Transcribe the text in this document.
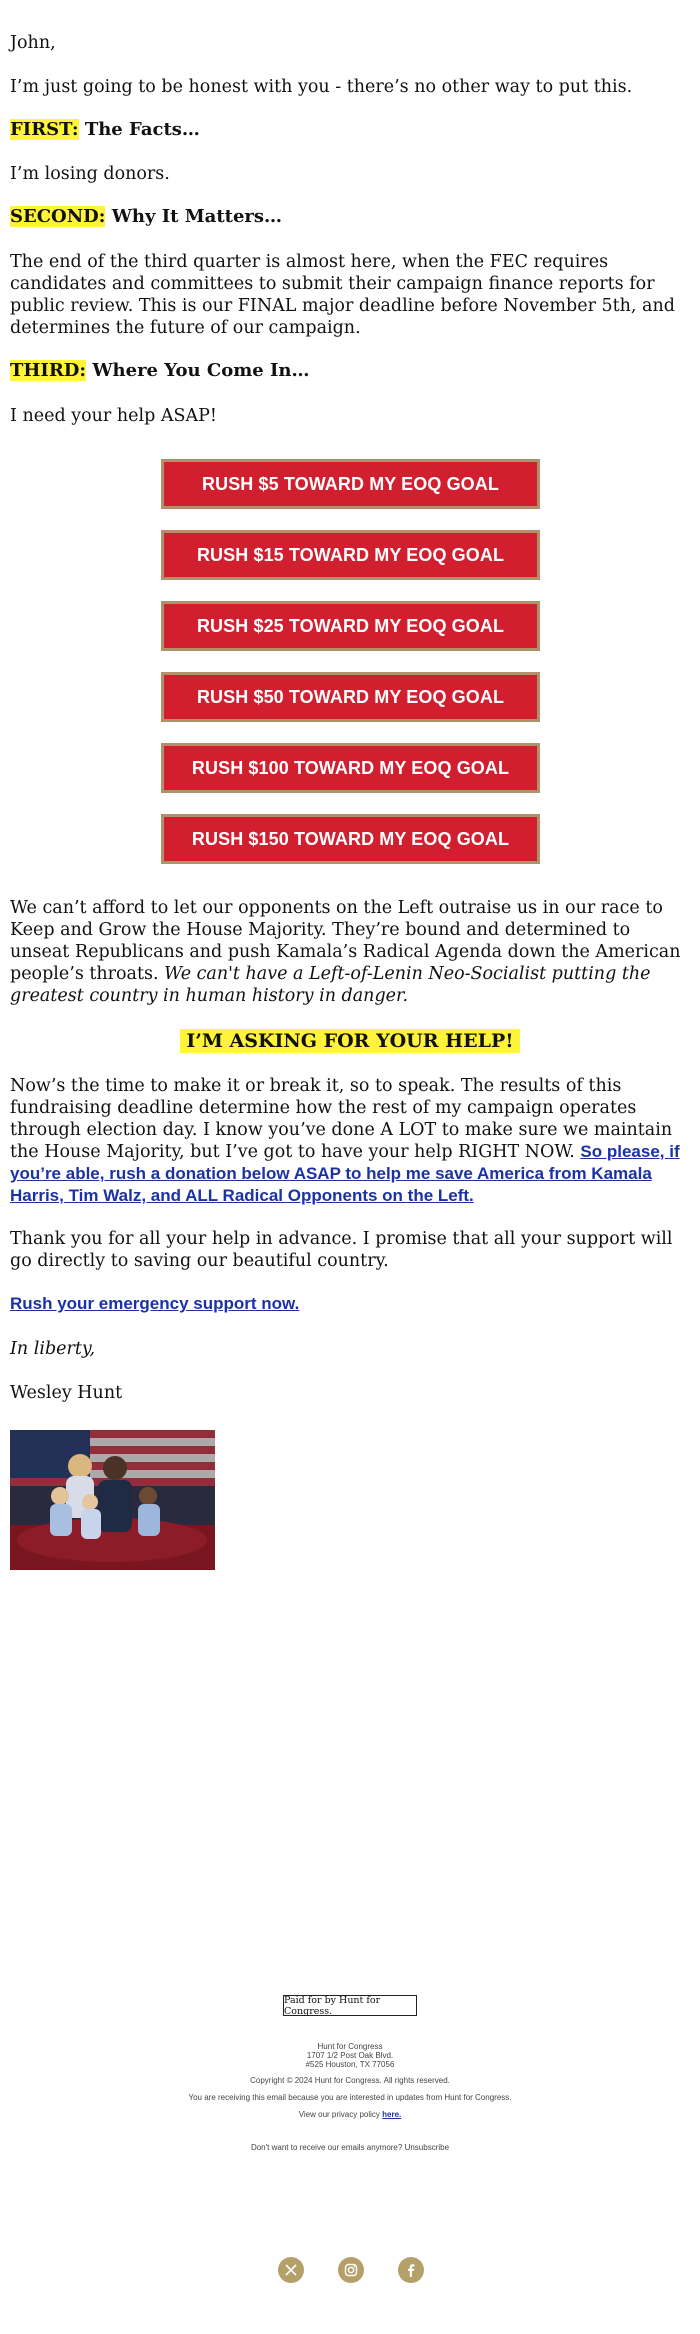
John,

I’m just going to be honest with you - there’s no other way to put this.

FIRST: The Facts…

I’m losing donors.

SECOND: Why It Matters…

The end of the third quarter is almost here, when the FEC requires candidates and committees to submit their campaign finance reports for public review. This is our FINAL major deadline before November 5th, and determines the future of our campaign.

THIRD: Where You Come In…

I need your help ASAP!

RUSH $5 TOWARD MY EOQ GOAL
RUSH $15 TOWARD MY EOQ GOAL
RUSH $25 TOWARD MY EOQ GOAL
RUSH $50 TOWARD MY EOQ GOAL
RUSH $100 TOWARD MY EOQ GOAL
RUSH $150 TOWARD MY EOQ GOAL

We can’t afford to let our opponents on the Left outraise us in our race to Keep and Grow the House Majority. They’re bound and determined to unseat Republicans and push Kamala’s Radical Agenda down the American people’s throats. We can't have a Left-of-Lenin Neo-Socialist putting the greatest country in human history in danger.

I’M ASKING FOR YOUR HELP!

Now’s the time to make it or break it, so to speak. The results of this fundraising deadline determine how the rest of my campaign operates through election day. I know you’ve done A LOT to make sure we maintain the House Majority, but I’ve got to have your help RIGHT NOW. So please, if you’re able, rush a donation below ASAP to help me save America from Kamala Harris, Tim Walz, and ALL Radical Opponents on the Left.

Thank you for all your help in advance. I promise that all your support will go directly to saving our beautiful country.

Rush your emergency support now.

In liberty,

Wesley Hunt

Paid for by Hunt for Congress.
Hunt for Congress
1707 1/2 Post Oak Blvd.
#525 Houston, TX 77056
Copyright © 2024 Hunt for Congress. All rights reserved.
You are receiving this email because you are interested in updates from Hunt for Congress.
View our privacy policy here.
Don't want to receive our emails anymore? Unsubscribe
